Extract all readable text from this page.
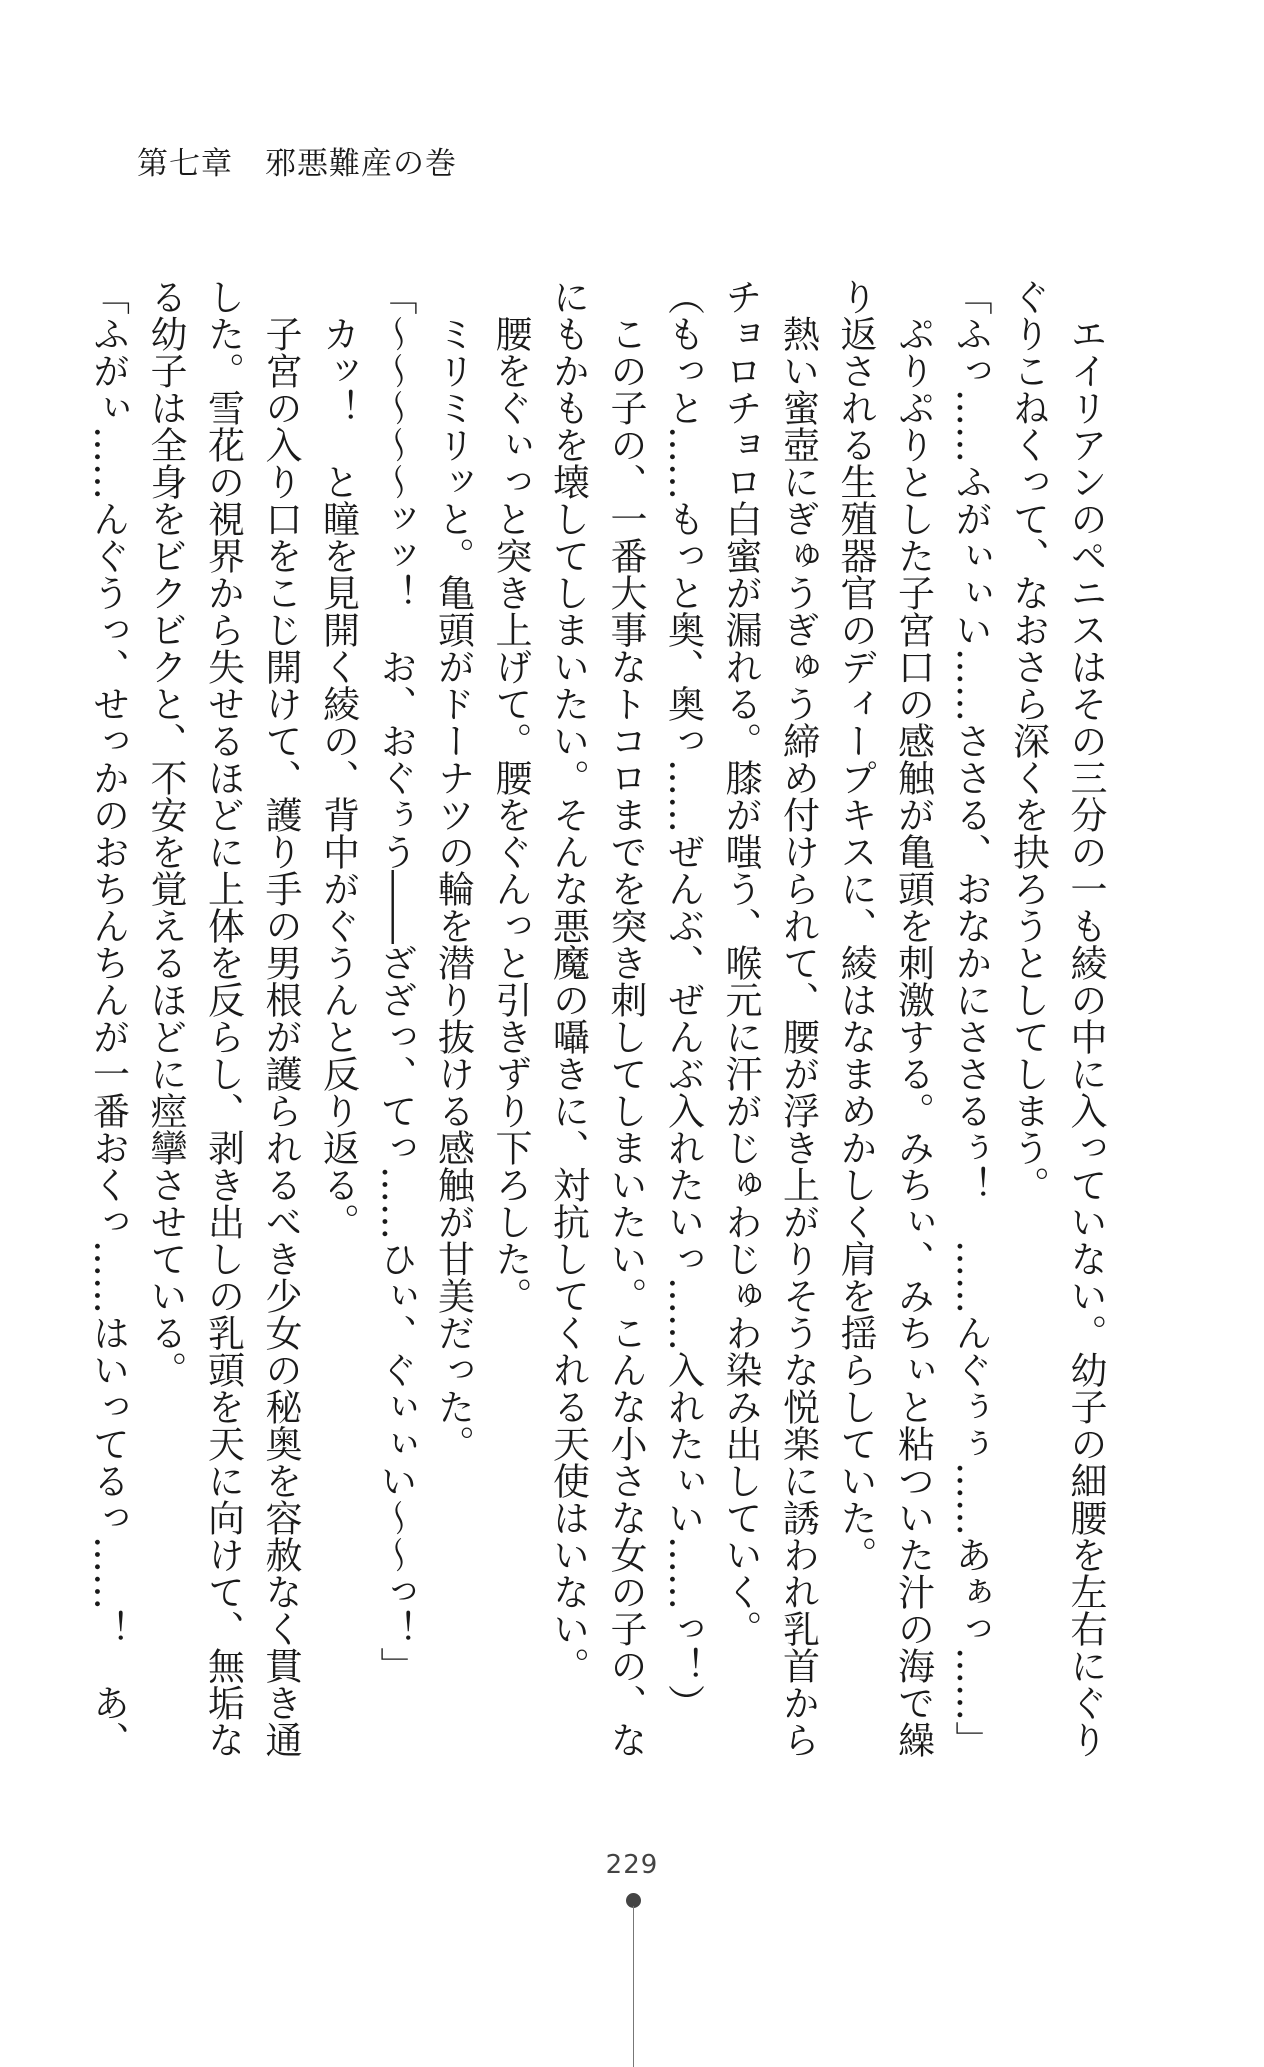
第七章　邪悪難産の巻

　エイリアンのペニスはその三分の一も綾の中に入っていない。幼子の細腰を左右にぐり

ぐりこねくって、なおさら深くを抉ろうとしてしまう。

「ふっ……ふがぃぃい……ささる、おなかにささるぅ！　……んぐぅぅ……あぁっ……」

　ぷりぷりとした子宮口の感触が亀頭を刺激する。みちぃ、みちぃと粘ついた汁の海で繰

り返される生殖器官のディープキスに、綾はなまめかしく肩を揺らしていた。

　熱い蜜壺にぎゅうぎゅう締め付けられて、腰が浮き上がりそうな悦楽に誘われ乳首から

チョロチョロ白蜜が漏れる。膝が嗤う、喉元に汗がじゅわじゅわ染み出していく。

（もっと……もっと奥、奥っ……ぜんぶ、ぜんぶ入れたいっ……入れたぃい……っ！）

　この子の、一番大事なトコロまでを突き刺してしまいたい。こんな小さな女の子の、な

にもかもを壊してしまいたい。そんな悪魔の囁きに、対抗してくれる天使はいない。

　腰をぐぃっと突き上げて。腰をぐんっと引きずり下ろした。

　ミリミリッと。亀頭がドーナツの輪を潜り抜ける感触が甘美だった。

「～～～～～ッッ！　お、おぐぅう――ざざっ、てっ……ひぃ、ぐぃぃい～～っ！」

　カッ！　と瞳を見開く綾の、背中がぐうんと反り返る。

　子宮の入り口をこじ開けて、護り手の男根が護られるべき少女の秘奥を容赦なく貫き通

した。雪花の視界から失せるほどに上体を反らし、剥き出しの乳頭を天に向けて、無垢な

る幼子は全身をビクビクと、不安を覚えるほどに痙攣させている。

「ふがぃ……んぐうっ、せっかのおちんちんが一番おくっ……はいってるっ……！　あ、

229
